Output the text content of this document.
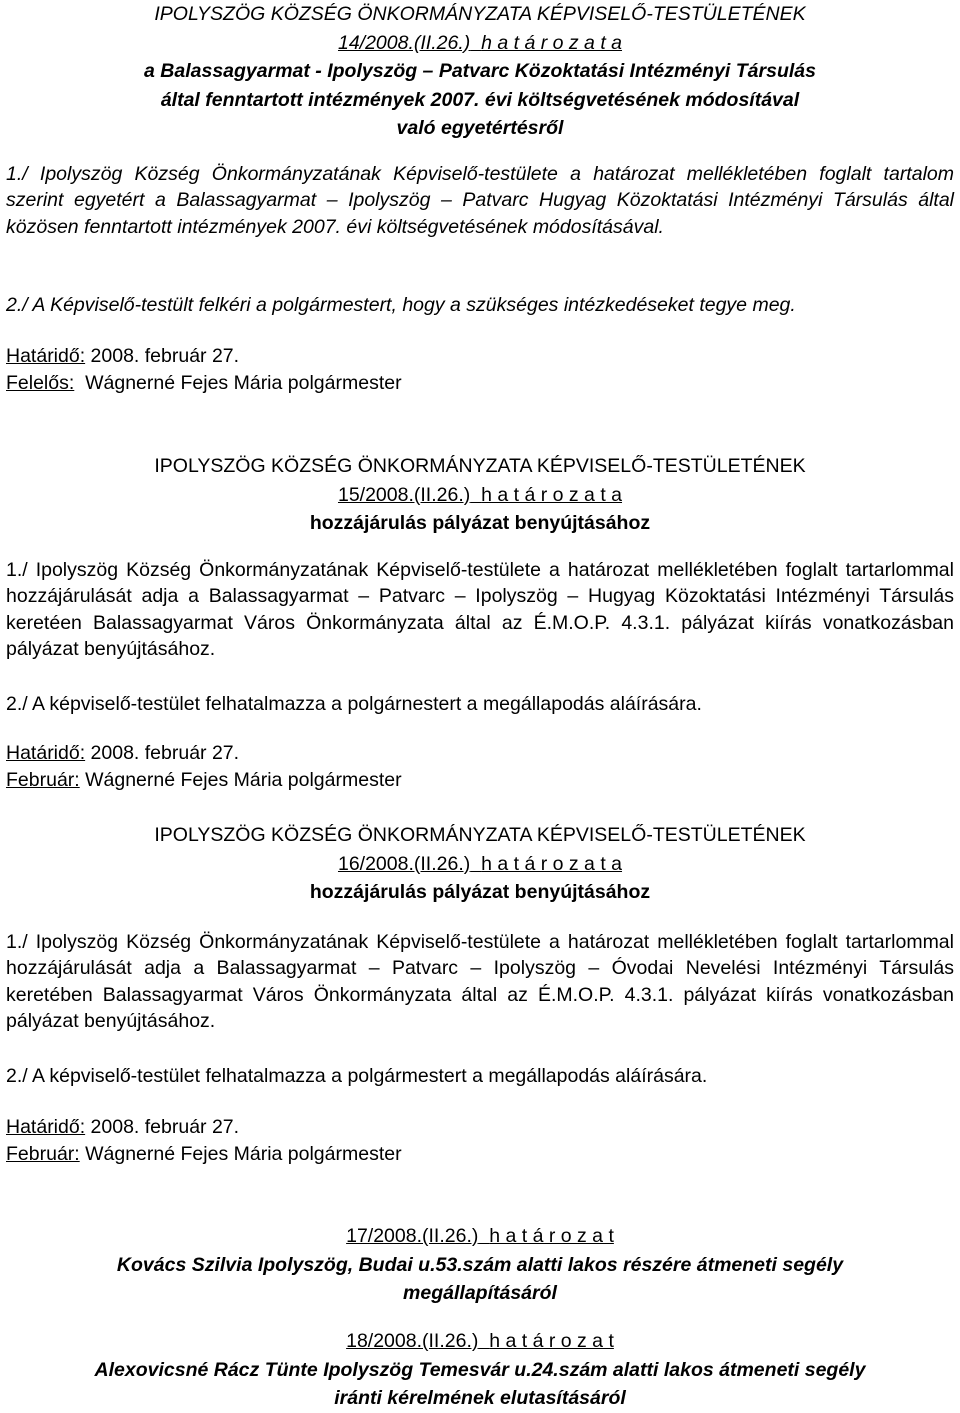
IPOLYSZÖG KÖZSÉG ÖNKORMÁNYZATA KÉPVISELŐ-TESTÜLETÉNEK

14/2008.(II.26.) h a t á r o z a t a

a Balassagyarmat - Ipolyszög – Patvarc Közoktatási Intézményi Társulás

által fenntartott intézmények 2007. évi költségvetésének módosítával

való egyetértésről

1./ Ipolyszög Község Önkormányzatának Képviselő-testülete a határozat mellékletében foglalt tartalom szerint egyetért a Balassagyarmat – Ipolyszög – Patvarc Hugyag Közoktatási Intézményi Társulás által közösen fenntartott intézmények 2007. évi költségvetésének módosításával.

2./ A Képviselő-testült felkéri a polgármestert, hogy a szükséges intézkedéseket tegye meg.

Határidő: 2008. február 27.

Felelős:  Wágnerné Fejes Mária polgármester

IPOLYSZÖG KÖZSÉG ÖNKORMÁNYZATA KÉPVISELŐ-TESTÜLETÉNEK

15/2008.(II.26.) h a t á r o z a t a

hozzájárulás pályázat benyújtásához

1./ Ipolyszög Község Önkormányzatának Képviselő-testülete a határozat mellékletében foglalt tartarlommal hozzájárulását adja a Balassagyarmat – Patvarc – Ipolyszög – Hugyag Közoktatási Intézményi Társulás keretéen Balassagyarmat Város Önkormányzata által az É.M.O.P. 4.3.1. pályázat kiírás vonatkozásban pályázat benyújtásához.

2./ A képviselő-testület felhatalmazza a polgárnestert a megállapodás aláírására.

Határidő: 2008. február 27.

Február: Wágnerné Fejes Mária polgármester

IPOLYSZÖG KÖZSÉG ÖNKORMÁNYZATA KÉPVISELŐ-TESTÜLETÉNEK

16/2008.(II.26.) h a t á r o z a t a

hozzájárulás pályázat benyújtásához

1./ Ipolyszög Község Önkormányzatának Képviselő-testülete a határozat mellékletében foglalt tartarlommal hozzájárulását adja a Balassagyarmat – Patvarc – Ipolyszög – Óvodai Nevelési Intézményi Társulás keretében Balassagyarmat Város Önkormányzata által az É.M.O.P. 4.3.1. pályázat kiírás vonatkozásban pályázat benyújtásához.

2./ A képviselő-testület felhatalmazza a polgármestert a megállapodás aláírására.

Határidő: 2008. február 27.

Február: Wágnerné Fejes Mária polgármester

17/2008.(II.26.) h a t á r o z a t

Kovács Szilvia Ipolyszög, Budai u.53.szám alatti lakos részére átmeneti segély

megállapításáról

18/2008.(II.26.) h a t á r o z a t

Alexovicsné Rácz Tünte Ipolyszög Temesvár u.24.szám alatti lakos átmeneti segély

iránti kérelmének elutasításáról
